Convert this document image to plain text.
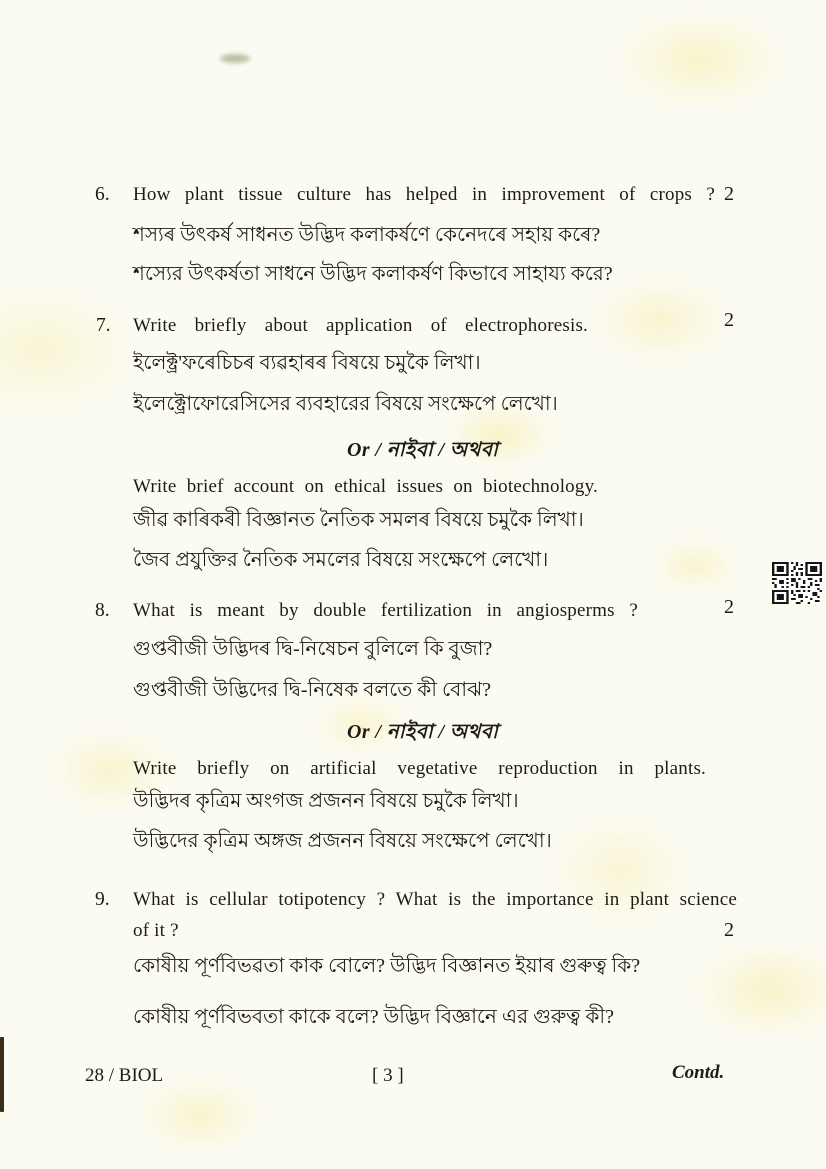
6. How plant tissue culture has helped in improvement of crops ? 2
শস্যৰ উৎকৰ্ষ সাধনত উদ্ভিদ কলাকৰ্ষণে কেনেদৰে সহায় কৰে?
শস্যের উৎকর্ষতা সাধনে উদ্ভিদ কলাকর্ষণ কিভাবে সাহায্য করে?
7. Write briefly about application of electrophoresis.	2
ইলেক্ট্ৰ'ফৰেচিচৰ ব্যৱহাৰৰ বিষয়ে চমুকৈ লিখা।
ইলেক্ট্রোফোরেসিসের ব্যবহারের বিষয়ে সংক্ষেপে লেখো।
Or / নাইবা / অথবা
Write brief account on ethical issues on biotechnology.
জীৱ কাৰিকৰী বিজ্ঞানত নৈতিক সমলৰ বিষয়ে চমুকৈ লিখা।
জৈব প্রযুক্তির নৈতিক সমলের বিষয়ে সংক্ষেপে লেখো।
8. What is meant by double fertilization in angiosperms ?	2
গুপ্তবীজী উদ্ভিদৰ দ্বি-নিষেচন বুলিলে কি বুজা?
গুপ্তবীজী উদ্ভিদের দ্বি-নিষেক বলতে কী বোঝ?
Or / নাইবা / অথবা
Write briefly on artificial vegetative reproduction in plants.
উদ্ভিদৰ কৃত্ৰিম অংগজ প্ৰজনন বিষয়ে চমুকৈ লিখা।
উদ্ভিদের কৃত্রিম অঙ্গজ প্রজনন বিষয়ে সংক্ষেপে লেখো।
9. What is cellular totipotency ? What is the importance in plant science
of it ?	2
কোষীয় পূৰ্ণবিভৱতা কাক বোলে? উদ্ভিদ বিজ্ঞানত ইয়াৰ গুৰুত্ব কি?
কোষীয় পূর্ণবিভবতা কাকে বলে? উদ্ভিদ বিজ্ঞানে এর গুরুত্ব কী?
28 / BIOL	[ 3 ]	Contd.
